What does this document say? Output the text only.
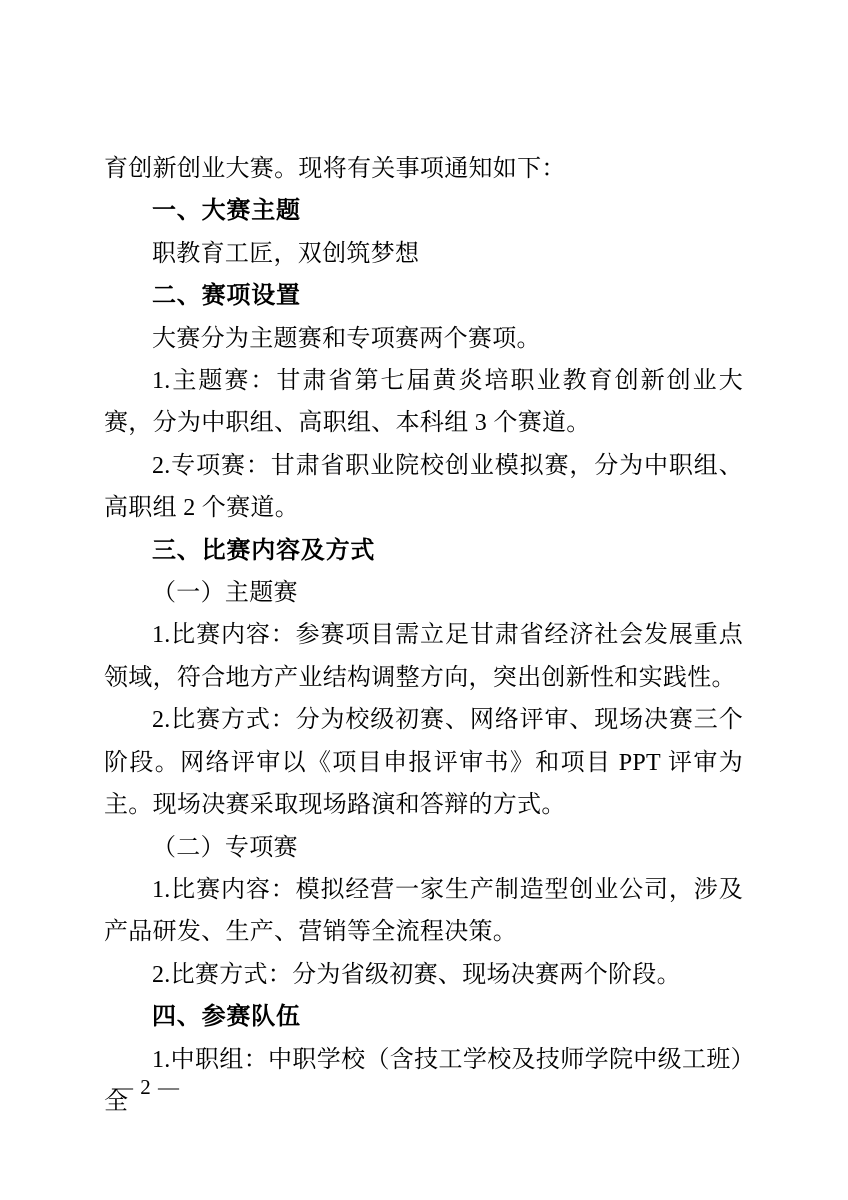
育创新创业大赛。现将有关事项通知如下：

一、大赛主题

职教育工匠，双创筑梦想

二、赛项设置

大赛分为主题赛和专项赛两个赛项。

1.主题赛：甘肃省第七届黄炎培职业教育创新创业大赛，分为中职组、高职组、本科组 3 个赛道。

2.专项赛：甘肃省职业院校创业模拟赛，分为中职组、高职组 2 个赛道。

三、比赛内容及方式

（一）主题赛

1.比赛内容：参赛项目需立足甘肃省经济社会发展重点领域，符合地方产业结构调整方向，突出创新性和实践性。

2.比赛方式：分为校级初赛、网络评审、现场决赛三个阶段。网络评审以《项目申报评审书》和项目 PPT 评审为主。现场决赛采取现场路演和答辩的方式。

（二）专项赛

1.比赛内容：模拟经营一家生产制造型创业公司，涉及产品研发、生产、营销等全流程决策。

2.比赛方式：分为省级初赛、现场决赛两个阶段。

四、参赛队伍

1.中职组：中职学校（含技工学校及技师学院中级工班）全

— 2 —
